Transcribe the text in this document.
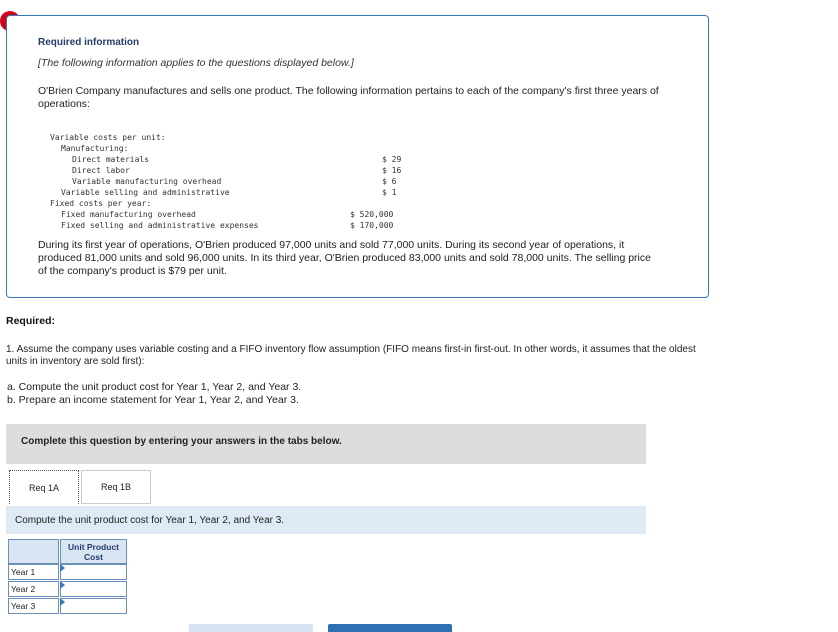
Required information
[The following information applies to the questions displayed below.]
O'Brien Company manufactures and sells one product. The following information pertains to each of the company's first three years of operations:
Variable costs per unit:
Manufacturing:
Direct materials	$ 29
Direct labor	$ 16
Variable manufacturing overhead	$ 6
Variable selling and administrative	$ 1
Fixed costs per year:
Fixed manufacturing overhead	$ 520,000
Fixed selling and administrative expenses	$ 170,000
During its first year of operations, O'Brien produced 97,000 units and sold 77,000 units. During its second year of operations, it produced 81,000 units and sold 96,000 units. In its third year, O'Brien produced 83,000 units and sold 78,000 units. The selling price of the company's product is $79 per unit.
Required:
1. Assume the company uses variable costing and a FIFO inventory flow assumption (FIFO means first-in first-out. In other words, it assumes that the oldest units in inventory are sold first):
a. Compute the unit product cost for Year 1, Year 2, and Year 3.
b. Prepare an income statement for Year 1, Year 2, and Year 3.
Complete this question by entering your answers in the tabs below.
Req 1A	Req 1B
Compute the unit product cost for Year 1, Year 2, and Year 3.
Unit Product Cost
Year 1
Year 2
Year 3
